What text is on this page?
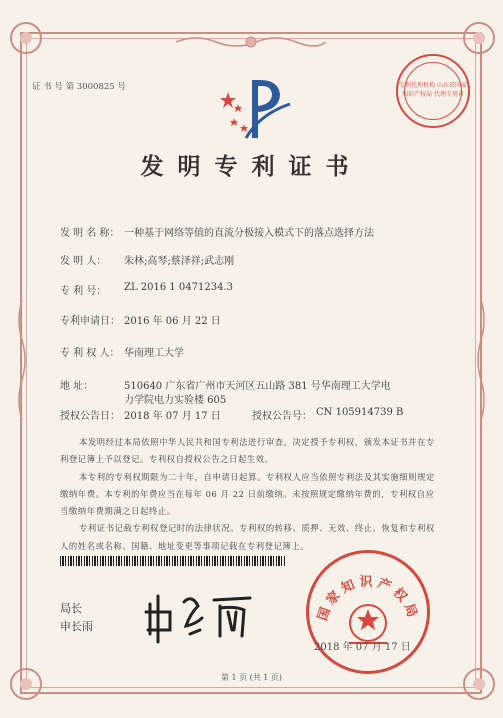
证 书 号 第 3000825 号	专利代理机构 山东省国家知识产权局 代理专用章
发明专利证书
发 明 名 称： 一种基于网络等值的直流分极接入模式下的落点选择方法
发 明 人： 朱林;高琴;蔡泽祥;武志刚
专 利 号： ZL 2016 1 0471234.3
专利申请日： 2016 年 06 月 22 日
专 利 权 人： 华南理工大学
地 址：	510640 广东省广州市天河区五山路 381 号华南理工大学电
力学院电力实验楼 605
授权公告日： 2018 年 07 月 17 日	授权公告号： CN 105914739 B

本发明经过本局依照中华人民共和国专利法进行审查，决定授予专利权，颁发本证书并在专利登记簿上予以登记。专利权自授权公告之日起生效。

本专利的专利权期限为二十年，自申请日起算。专利权人应当依照专利法及其实施细则规定缴纳年费。本专利的年费应当在每年 06 月 22 日前缴纳。未按照规定缴纳年费的，专利权自应当缴纳年费期满之日起终止。

专利证书记载专利权登记时的法律状况。专利权的转移、质押、无效、终止、恢复和专利权人的姓名或名称、国籍、地址变更等事项记载在专利登记簿上。

局长
申长雨
国家知识产权局
2018 年 07 月 17 日
第 1 页 (共 1 页)
